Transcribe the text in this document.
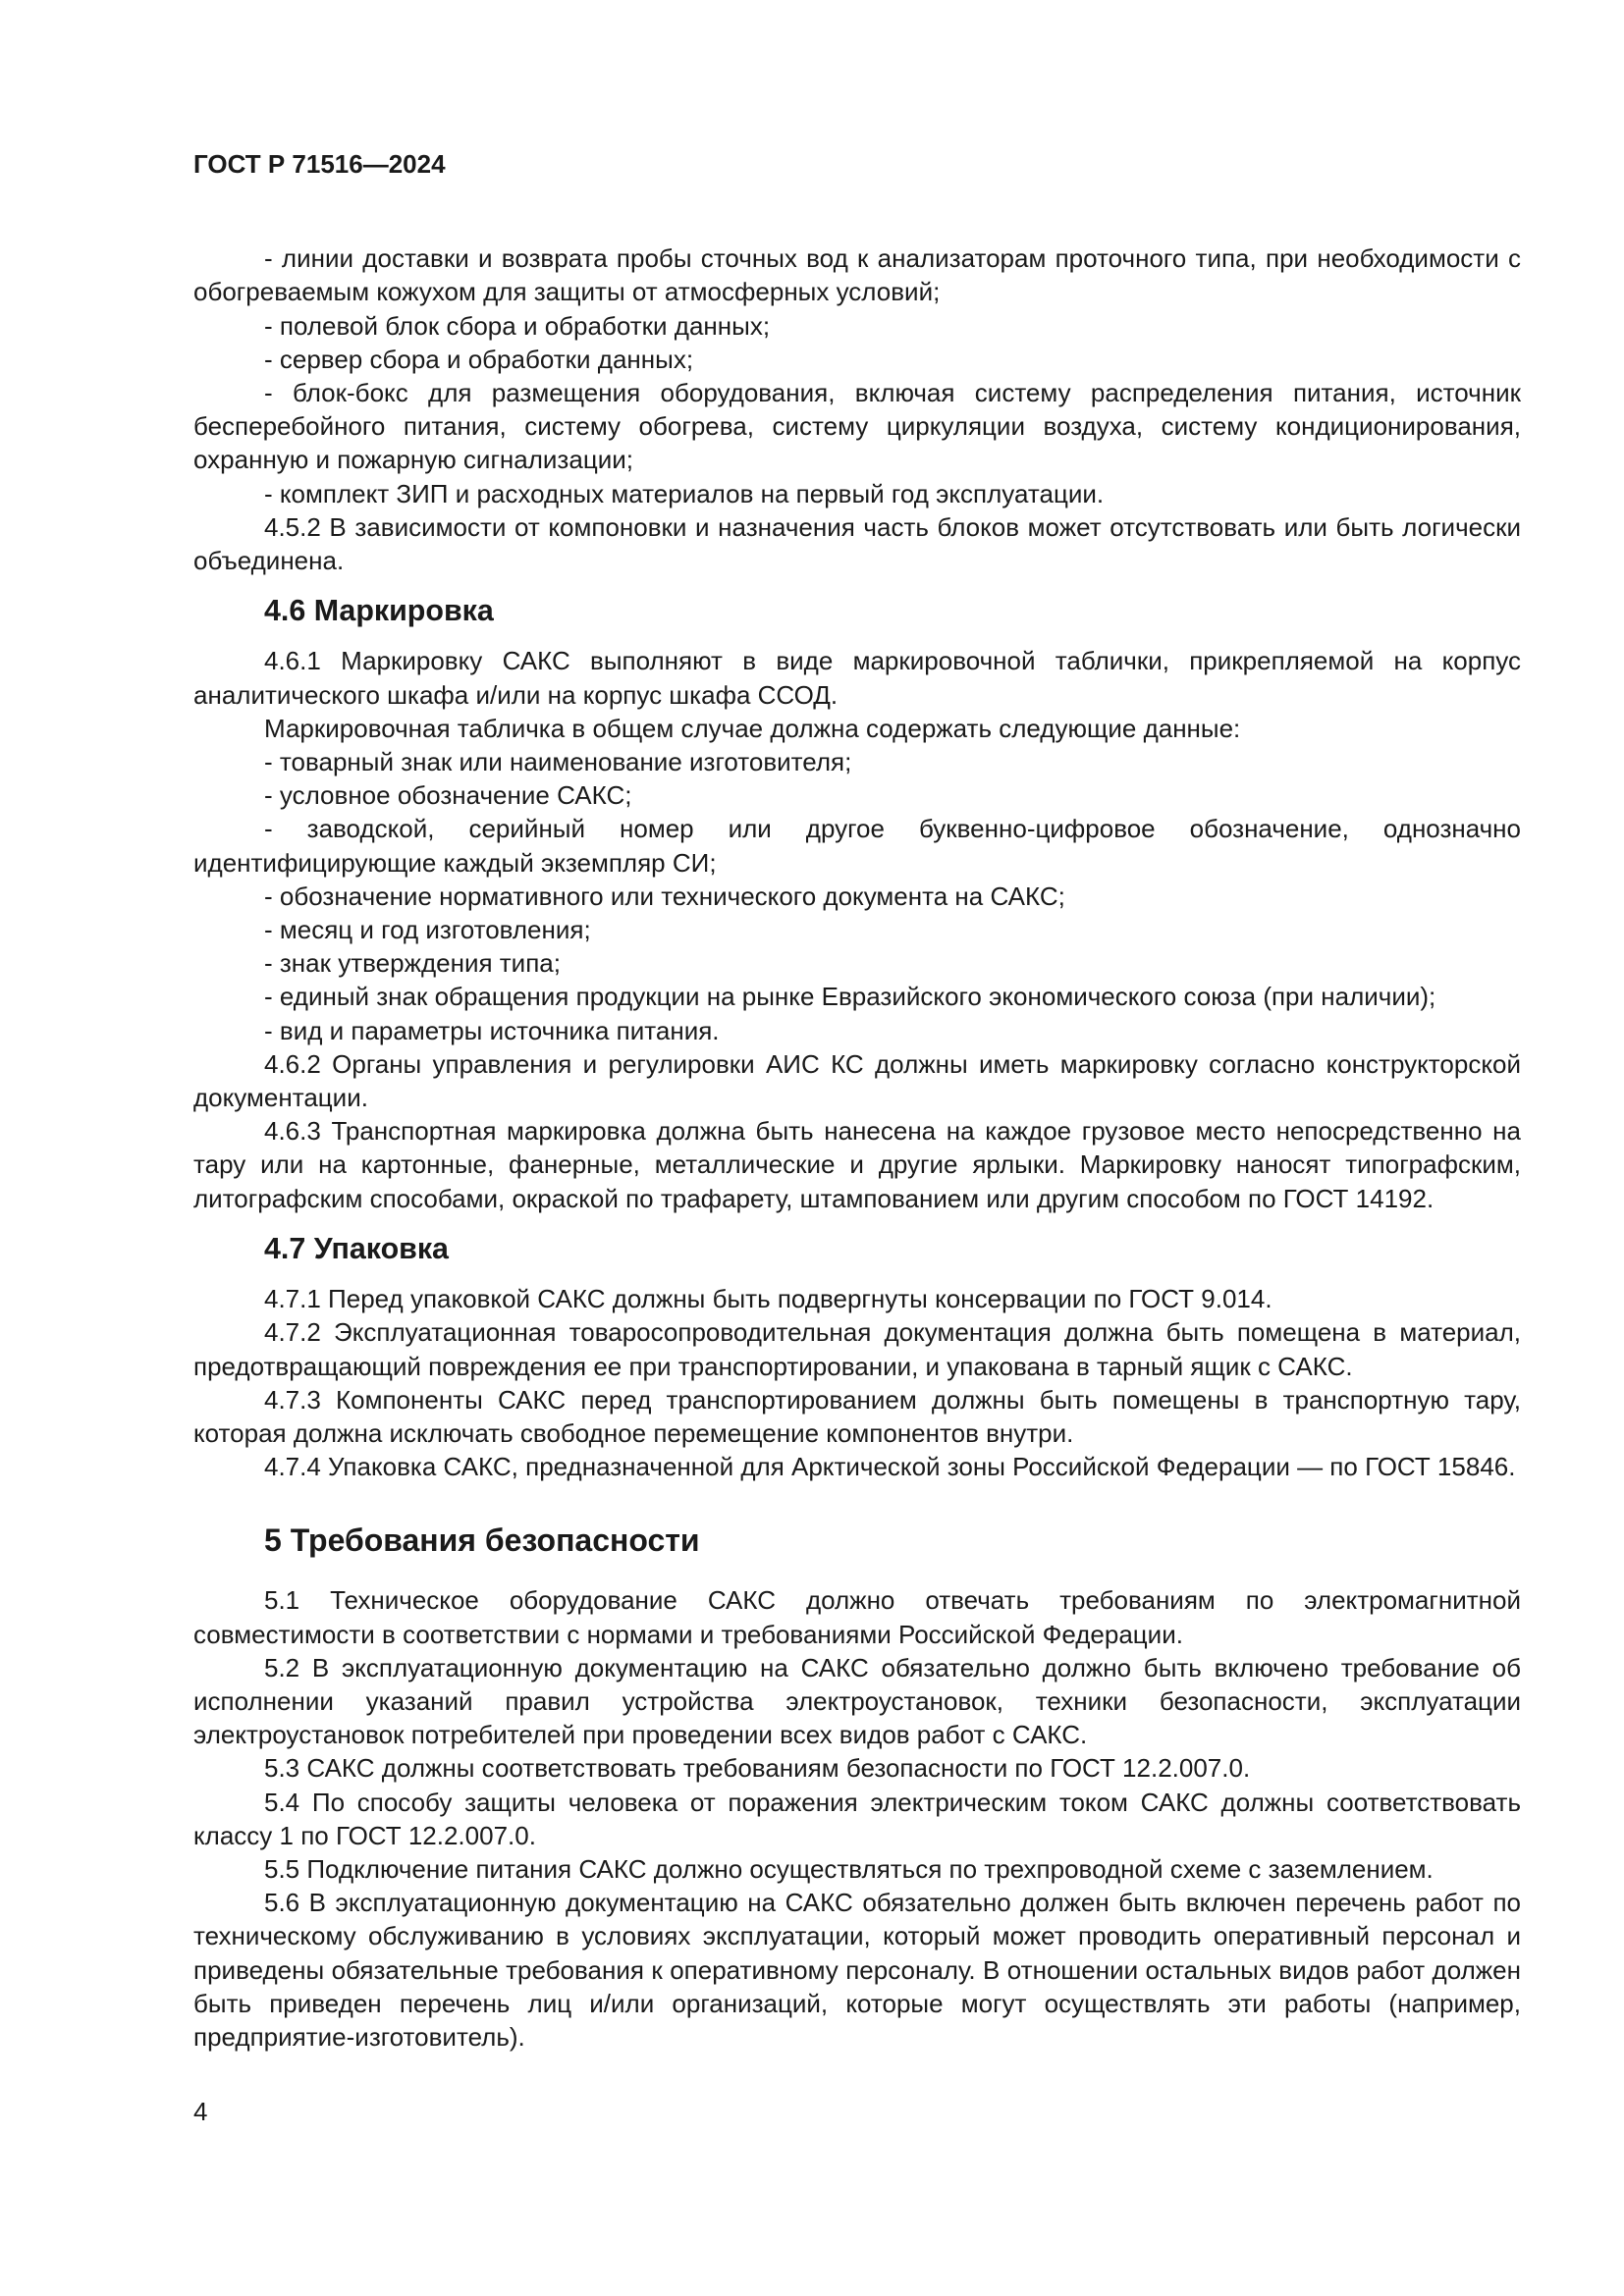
ГОСТ Р 71516—2024

- линии доставки и возврата пробы сточных вод к анализаторам проточного типа, при необходимости с обогреваемым кожухом для защиты от атмосферных условий;

- полевой блок сбора и обработки данных;

- сервер сбора и обработки данных;

- блок-бокс для размещения оборудования, включая систему распределения питания, источник бесперебойного питания, систему обогрева, систему циркуляции воздуха, систему кондиционирования, охранную и пожарную сигнализации;

- комплект ЗИП и расходных материалов на первый год эксплуатации.

4.5.2 В зависимости от компоновки и назначения часть блоков может отсутствовать или быть логически объединена.

4.6 Маркировка

4.6.1 Маркировку САКС выполняют в виде маркировочной таблички, прикрепляемой на корпус аналитического шкафа и/или на корпус шкафа ССОД.

Маркировочная табличка в общем случае должна содержать следующие данные:

- товарный знак или наименование изготовителя;

- условное обозначение САКС;

- заводской, серийный номер или другое буквенно-цифровое обозначение, однозначно идентифицирующие каждый экземпляр СИ;

- обозначение нормативного или технического документа на САКС;

- месяц и год изготовления;

- знак утверждения типа;

- единый знак обращения продукции на рынке Евразийского экономического союза (при наличии);

- вид и параметры источника питания.

4.6.2 Органы управления и регулировки АИС КС должны иметь маркировку согласно конструкторской документации.

4.6.3 Транспортная маркировка должна быть нанесена на каждое грузовое место непосредственно на тару или на картонные, фанерные, металлические и другие ярлыки. Маркировку наносят типографским, литографским способами, окраской по трафарету, штампованием или другим способом по ГОСТ 14192.

4.7 Упаковка

4.7.1 Перед упаковкой САКС должны быть подвергнуты консервации по ГОСТ 9.014.

4.7.2 Эксплуатационная товаросопроводительная документация должна быть помещена в материал, предотвращающий повреждения ее при транспортировании, и упакована в тарный ящик с САКС.

4.7.3 Компоненты САКС перед транспортированием должны быть помещены в транспортную тару, которая должна исключать свободное перемещение компонентов внутри.

4.7.4 Упаковка САКС, предназначенной для Арктической зоны Российской Федерации — по ГОСТ 15846.

5 Требования безопасности

5.1 Техническое оборудование САКС должно отвечать требованиям по электромагнитной совместимости в соответствии с нормами и требованиями Российской Федерации.

5.2 В эксплуатационную документацию на САКС обязательно должно быть включено требование об исполнении указаний правил устройства электроустановок, техники безопасности, эксплуатации электроустановок потребителей при проведении всех видов работ с САКС.

5.3 САКС должны соответствовать требованиям безопасности по ГОСТ 12.2.007.0.

5.4 По способу защиты человека от поражения электрическим током САКС должны соответствовать классу 1 по ГОСТ 12.2.007.0.

5.5 Подключение питания САКС должно осуществляться по трехпроводной схеме с заземлением.

5.6 В эксплуатационную документацию на САКС обязательно должен быть включен перечень работ по техническому обслуживанию в условиях эксплуатации, который может проводить оперативный персонал и приведены обязательные требования к оперативному персоналу. В отношении остальных видов работ должен быть приведен перечень лиц и/или организаций, которые могут осуществлять эти работы (например, предприятие-изготовитель).

4
